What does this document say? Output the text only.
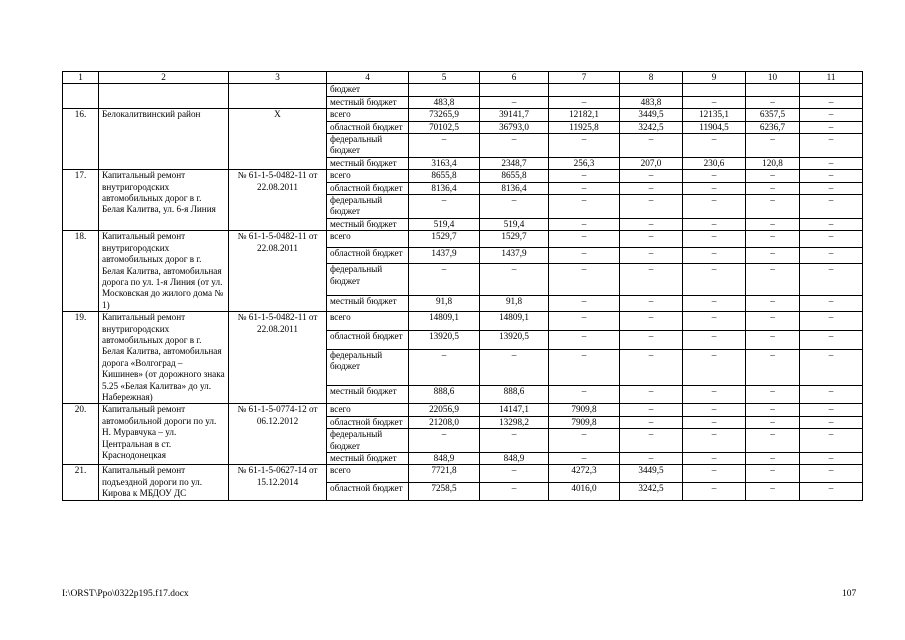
1	2	3	4	5	6	7	8	9	10	11
			бюджет							
			местный бюджет	483,8	–	–	483,8	–	–	–
16.	Белокалитвинский район	Х	всего	73265,9	39141,7	12182,1	3449,5	12135,1	6357,5	–
			областной бюджет	70102,5	36793,0	11925,8	3242,5	11904,5	6236,7	–
			федеральный бюджет	–	–	–	–	–	–	–
			местный бюджет	3163,4	2348,7	256,3	207,0	230,6	120,8	–
17.	Капитальный ремонт внутригородских автомобильных дорог в г. Белая Калитва, ул. 6-я Линия	№ 61-1-5-0482-11 от 22.08.2011	всего	8655,8	8655,8	–	–	–	–	–
			областной бюджет	8136,4	8136,4	–	–	–	–	–
			федеральный бюджет	–	–	–	–	–	–	–
			местный бюджет	519,4	519,4	–	–	–	–	–
18.	Капитальный ремонт внутригородских автомобильных дорог в г. Белая Калитва, автомобильная дорога по ул. 1-я Линия (от ул. Московская до жилого дома № 1)	№ 61-1-5-0482-11 от 22.08.2011	всего	1529,7	1529,7	–	–	–	–	–
			областной бюджет	1437,9	1437,9	–	–	–	–	–
			федеральный бюджет	–	–	–	–	–	–	–
			местный бюджет	91,8	91,8	–	–	–	–	–
19.	Капитальный ремонт внутригородских автомобильных дорог в г. Белая Калитва, автомобильная дорога «Волгоград – Кишинев» (от дорожного знака 5.25 «Белая Калитва» до ул. Набережная)	№ 61-1-5-0482-11 от 22.08.2011	всего	14809,1	14809,1	–	–	–	–	–
			областной бюджет	13920,5	13920,5	–	–	–	–	–
			федеральный бюджет	–	–	–	–	–	–	–
			местный бюджет	888,6	888,6	–	–	–	–	–
20.	Капитальный ремонт автомобильной дороги по ул. Н. Муравчука – ул. Центральная в ст. Краснодонецкая	№ 61-1-5-0774-12 от 06.12.2012	всего	22056,9	14147,1	7909,8	–	–	–	–
			областной бюджет	21208,0	13298,2	7909,8	–	–	–	–
			федеральный бюджет	–	–	–	–	–	–	–
			местный бюджет	848,9	848,9	–	–	–	–	–
21.	Капитальный ремонт подъездной дороги по ул. Кирова к МБДОУ ДС	№ 61-1-5-0627-14 от 15.12.2014	всего	7721,8	–	4272,3	3449,5	–	–	–
			областной бюджет	7258,5	–	4016,0	3242,5	–	–	–
I:\ORST\Ppo\0322p195.f17.docx	107
